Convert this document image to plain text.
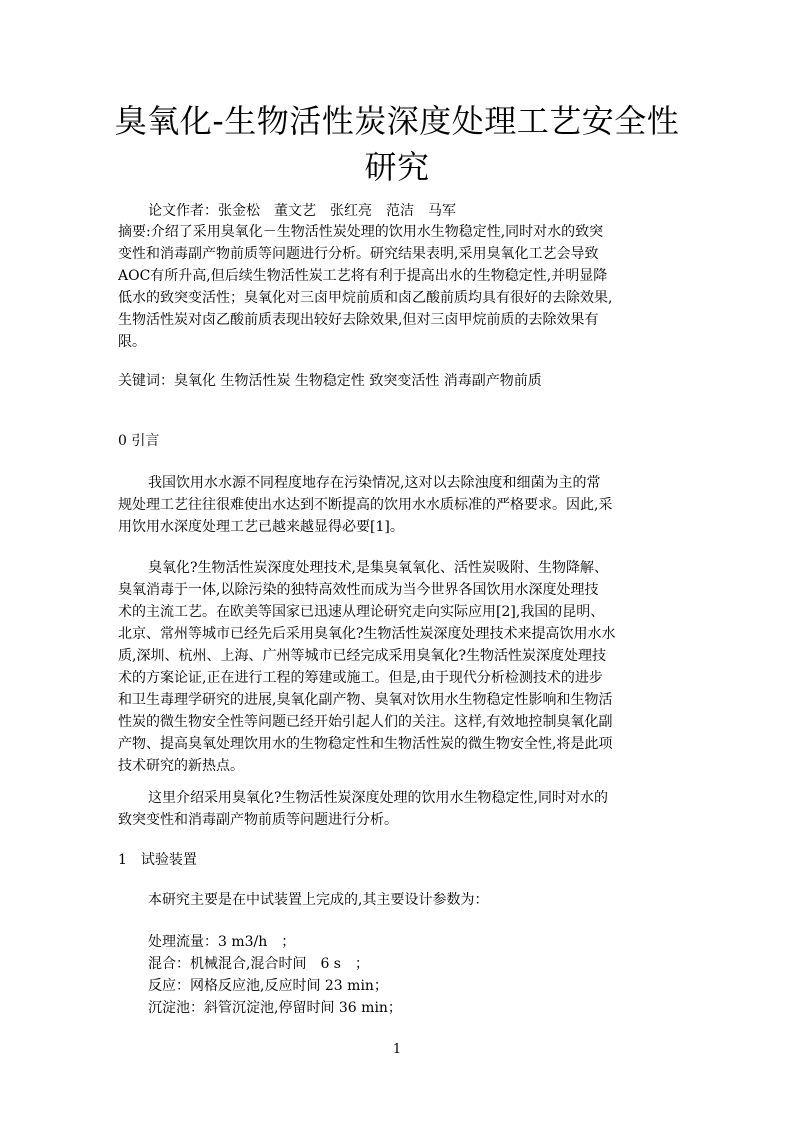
臭氧化-生物活性炭深度处理工艺安全性
研究
论文作者：张金松　董文艺　张红亮　范洁　马军
摘要:介绍了采用臭氧化－生物活性炭处理的饮用水生物稳定性,同时对水的致突
变性和消毒副产物前质等问题进行分析。研究结果表明,采用臭氧化工艺会导致
AOC有所升高,但后续生物活性炭工艺将有利于提高出水的生物稳定性,并明显降
低水的致突变活性；臭氧化对三卤甲烷前质和卤乙酸前质均具有很好的去除效果,
生物活性炭对卤乙酸前质表现出较好去除效果,但对三卤甲烷前质的去除效果有
限。
关键词：臭氧化 生物活性炭 生物稳定性 致突变活性 消毒副产物前质
0 引言
我国饮用水水源不同程度地存在污染情况,这对以去除浊度和细菌为主的常
规处理工艺往往很难使出水达到不断提高的饮用水水质标准的严格要求。因此,采
用饮用水深度处理工艺已越来越显得必要[1]。
臭氧化?生物活性炭深度处理技术,是集臭氧氧化、活性炭吸附、生物降解、
臭氧消毒于一体,以除污染的独特高效性而成为当今世界各国饮用水深度处理技
术的主流工艺。在欧美等国家已迅速从理论研究走向实际应用[2],我国的昆明、
北京、常州等城市已经先后采用臭氧化?生物活性炭深度处理技术来提高饮用水水
质,深圳、杭州、上海、广州等城市已经完成采用臭氧化?生物活性炭深度处理技
术的方案论证,正在进行工程的筹建或施工。但是,由于现代分析检测技术的进步
和卫生毒理学研究的进展,臭氧化副产物、臭氧对饮用水生物稳定性影响和生物活
性炭的微生物安全性等问题已经开始引起人们的关注。这样,有效地控制臭氧化副
产物、提高臭氧处理饮用水的生物稳定性和生物活性炭的微生物安全性,将是此项
技术研究的新热点。
这里介绍采用臭氧化?生物活性炭深度处理的饮用水生物稳定性,同时对水的
致突变性和消毒副产物前质等问题进行分析。
1　试验装置
本研究主要是在中试装置上完成的,其主要设计参数为：
处理流量：3 m3/h　；
混合：机械混合,混合时间　6 s　；
反应：网格反应池,反应时间 23 min；
沉淀池：斜管沉淀池,停留时间 36 min；
1
